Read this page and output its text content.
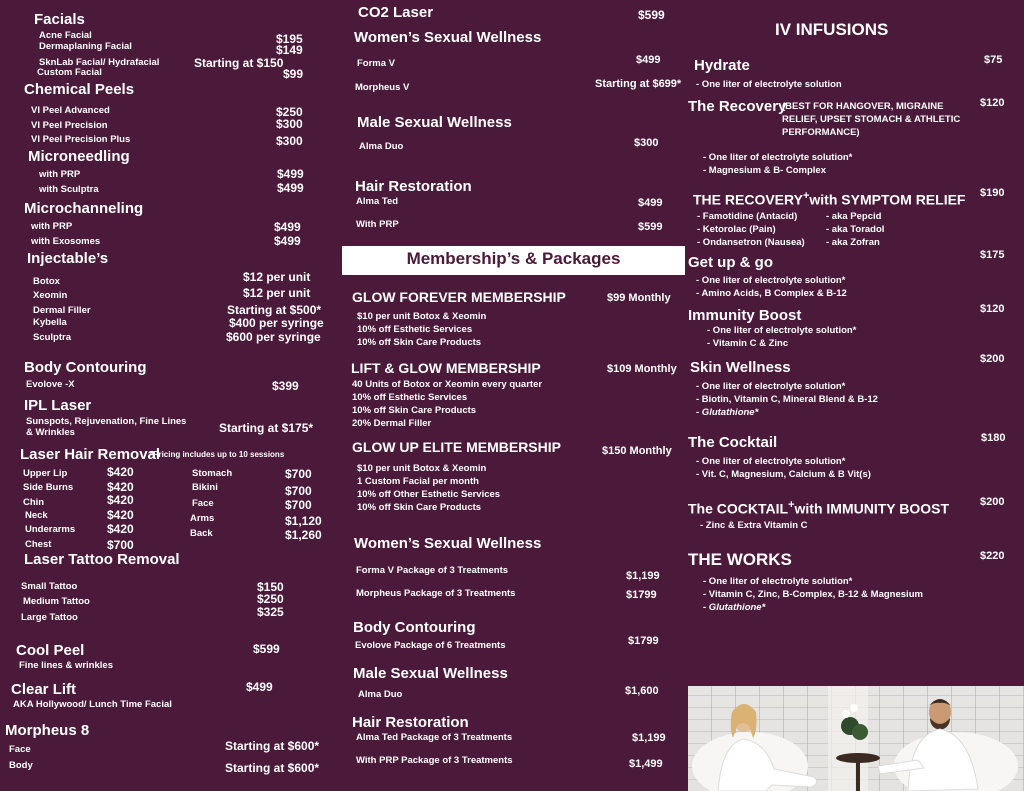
Facials
Acne Facial	$195
Dermaplaning Facial	$149
SknLab Facial/ Hydrafacial	Starting at $150
Custom Facial	$99
Chemical Peels
VI Peel Advanced	$250
VI Peel Precision	$300
VI Peel Precision Plus	$300
Microneedling
with PRP	$499
with Sculptra	$499
Microchanneling
with PRP	$499
with Exosomes	$499
Injectable’s
Botox	$12 per unit
Xeomin	$12 per unit
Dermal Filler	Starting at $500*
Kybella	$400 per syringe
Sculptra	$600 per syringe
Body Contouring
Evolove -X	$399
IPL Laser
Sunspots, Rejuvenation, Fine Lines
& Wrinkles	Starting at $175*
Laser Hair Removal
*Pricing includes up to 10 sessions
Upper Lip	$420
Side Burns	$420
Chin	$420
Neck	$420
Underarms	$420
Chest	$700
Stomach	$700
Bikini	$700
Face	$700
Arms	$1,120
Back	$1,260
Laser Tattoo Removal
Small Tattoo	$150
Medium Tattoo	$250
Large Tattoo	$325
Cool Peel
Fine lines & wrinkles
$599
Clear Lift
AKA Hollywood/ Lunch Time Facial
$499
Morpheus 8
Face	Starting at $600*
Body	Starting at $600*
CO2 Laser	$599
Women’s Sexual Wellness
Forma V	$499
Morpheus V	Starting at $699*
Male Sexual Wellness
Alma Duo	$300
Hair Restoration
Alma Ted	$499
With PRP	$599
Membership’s & Packages
GLOW FOREVER MEMBERSHIP	$99 Monthly
$10 per unit Botox & Xeomin
10% off Esthetic Services
10% off Skin Care Products
LIFT & GLOW MEMBERSHIP	$109 Monthly
40 Units of Botox or Xeomin every quarter
10% off Esthetic Services
10% off Skin Care Products
20% Dermal Filler
GLOW UP ELITE MEMBERSHIP	$150 Monthly
$10 per unit Botox & Xeomin
1 Custom Facial per month
10% off Other Esthetic Services
10% off Skin Care Products
Women’s Sexual Wellness
Forma V Package of 3 Treatments	$1,199
Morpheus Package of 3 Treatments	$1799
Body Contouring
Evolove Package of 6 Treatments	$1799
Male Sexual Wellness
Alma Duo	$1,600
Hair Restoration
Alma Ted Package of 3 Treatments	$1,199
With PRP Package of 3 Treatments	$1,499
IV INFUSIONS
Hydrate	$75
- One liter of electrolyte solution
The Recovery
(BEST FOR HANGOVER, MIGRAINE
RELIEF, UPSET STOMACH & ATHLETIC
PERFORMANCE)
$120
- One liter of electrolyte solution*
- Magnesium & B- Complex
THE RECOVERY+with SYMPTOM RELIEF $190
- Famotidine (Antacid)	- aka Pepcid
- Ketorolac (Pain)	- aka Toradol
- Ondansetron (Nausea) - aka Zofran
Get up & go	$175
- One liter of electrolyte solution*
- Amino Acids, B Complex & B-12
Immunity Boost	$120
- One liter of electrolyte solution*
- Vitamin C & Zinc
Skin Wellness	$200
- One liter of electrolyte solution*
- Biotin, Vitamin C, Mineral Blend & B-12
- Glutathione*
The Cocktail	$180
- One liter of electrolyte solution*
- Vit. C, Magnesium, Calcium & B Vit(s)
The COCKTAIL+with IMMUNITY BOOST	$200
- Zinc & Extra Vitamin C
THE WORKS	$220
- One liter of electrolyte solution*
- Vitamin C, Zinc, B-Complex, B-12 & Magnesium
- Glutathione*
